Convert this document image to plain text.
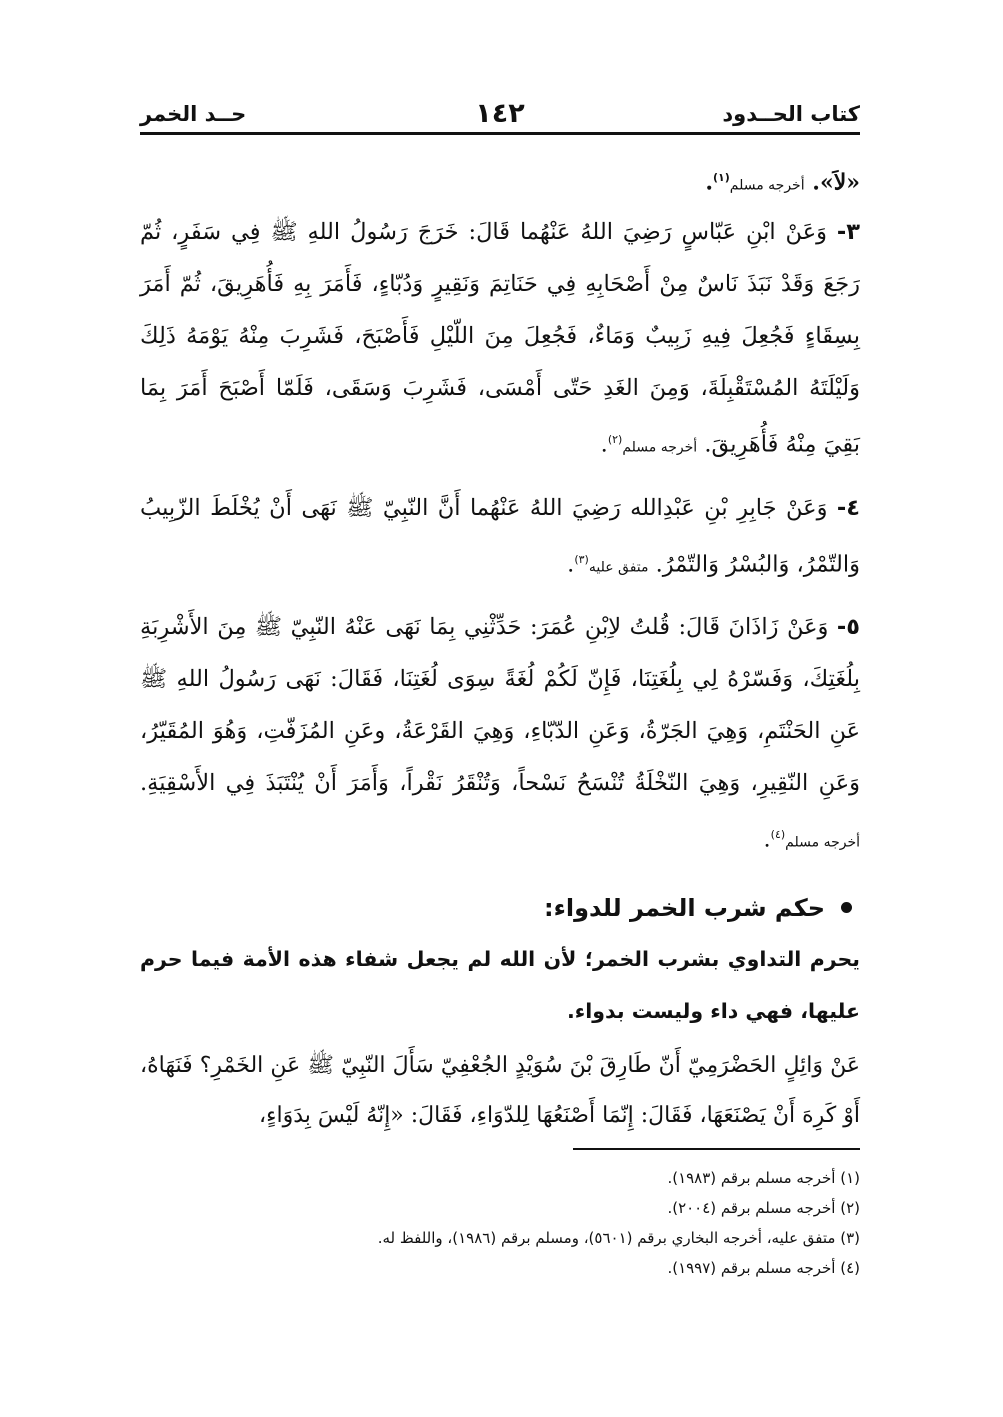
كتاب الحــدود
١٤٢
حــد الخمر
«لاَ». أخرجه مسلم$^{(١)}$.

٣- وَعَنْ ابْنِ عَبّاسٍ رَضِيَ اللهُ عَنْهُما قَالَ: خَرَجَ رَسُولُ اللهِ ﷺ فِي سَفَرٍ، ثُمّ رَجَعَ وَقَدْ نَبَذَ نَاسٌ مِنْ أَصْحَابِهِ فِي حَنَاتِمَ وَنَقِيرٍ وَدُبّاءٍ، فَأَمَرَ بِهِ فَأُهَرِيقَ، ثُمّ أَمَرَ بِسِقَاءٍ فَجُعِلَ فِيهِ زَبِيبٌ وَمَاءٌ، فَجُعِلَ مِنَ اللّيْلِ فَأَصْبَحَ، فَشَرِبَ مِنْهُ يَوْمَهُ ذَلِكَ وَلَيْلَتَهُ المُسْتَقْبِلَةَ، وَمِنَ الغَدِ حَتّى أَمْسَى، فَشَرِبَ وَسَقَى، فَلَمّا أَصْبَحَ أَمَرَ بِمَا بَقِيَ مِنْهُ فَأُهَرِيقَ. أخرجه مسلم$^{(٢)}$.

٤- وَعَنْ جَابِرِ بْنِ عَبْدِالله رَضِيَ اللهُ عَنْهُما أَنَّ النّبِيّ ﷺ نَهَى أَنْ يُخْلَطَ الزّبِيبُ وَالتّمْرُ، وَالبُسْرُ وَالتّمْرُ. متفق عليه$^{(٣)}$.

٥- وَعَنْ زَاذَانَ قَالَ: قُلتُ لاِبْنِ عُمَرَ: حَدِّثْنِي بِمَا نَهَى عَنْهُ النّبِيّ ﷺ مِنَ الأَشْرِبَةِ بِلُغَتِكَ، وَفَسّرْهُ لِي بِلُغَتِنَا، فَإِنّ لَكُمْ لُغَةً سِوَى لُغَتِنَا، فَقَالَ: نَهَى رَسُولُ اللهِ ﷺ عَنِ الحَنْتَمِ، وَهِيَ الجَرّةُ، وَعَنِ الدّبّاءِ، وَهِيَ القَرْعَةُ، وعَنِ المُزَفّتِ، وَهُوَ المُقَيّرُ، وَعَنِ النّقِيرِ، وَهِيَ النّخْلَةُ تُنْسَحُ نَسْحاً، وَتُنْقَرُ نَقْراً، وَأَمَرَ أَنْ يُنْتَبَذَ فِي الأَسْقِيَةِ. أخرجه مسلم$^{(٤)}$.

حكم شرب الخمر للدواء:

يحرم التداوي بشرب الخمر؛ لأن الله لم يجعل شفاء هذه الأمة فيما حرم عليها، فهي داء وليست بدواء.

عَنْ وَائِلٍ الحَضْرَمِيّ أَنّ طَارِقَ بْنَ سُوَيْدٍ الجُعْفِيّ سَأَلَ النّبِيّ ﷺ عَنِ الخَمْرِ؟ فَنَهَاهُ، أَوْ كَرِهَ أَنْ يَصْنَعَهَا، فَقَالَ: إِنّمَا أَصْنَعُهَا لِلدّوَاءِ، فَقَالَ: «إِنّهُ لَيْسَ بِدَوَاءٍ،

(١) أخرجه مسلم برقم (١٩٨٣).
(٢) أخرجه مسلم برقم (٢٠٠٤).
(٣) متفق عليه، أخرجه البخاري برقم (٥٦٠١)، ومسلم برقم (١٩٨٦)، واللفظ له.
(٤) أخرجه مسلم برقم (١٩٩٧).
